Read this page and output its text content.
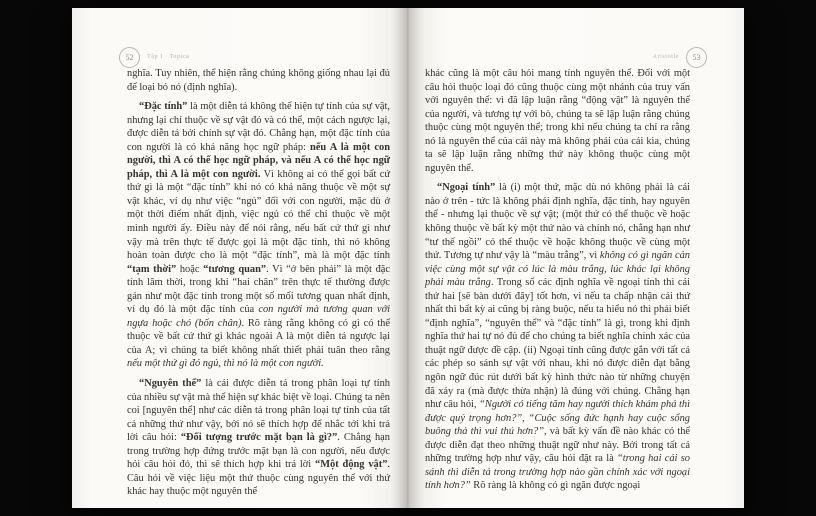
52 Tập I · Topica

nghĩa. Tuy nhiên, thể hiện rằng chúng không giống nhau lại đủ để loại bỏ nó (định nghĩa).

“Đặc tính” là một diễn tả không thể hiện tự tính của sự vật, nhưng lại chỉ thuộc về sự vật đó và có thể, một cách ngược lại, được diễn tả bởi chính sự vật đó. Chẳng hạn, một đặc tính của con người là có khả năng học ngữ pháp: nếu A là một con người, thì A có thể học ngữ pháp, và nếu A có thể học ngữ pháp, thì A là một con người. Vì không ai có thể gọi bất cứ thứ gì là một “đặc tính” khi nó có khả năng thuộc về một sự vật khác, ví dụ như việc “ngủ” đối với con người, mặc dù ở một thời điểm nhất định, việc ngủ có thể chỉ thuộc về một mình người ấy. Điều này để nói rằng, nếu bất cứ thứ gì như vậy mà trên thực tế được gọi là một đặc tính, thì nó không hoàn toàn được cho là một “đặc tính”, mà là một đặc tính “tạm thời” hoặc “tương quan”. Vì “ở bên phải” là một đặc tính lâm thời, trong khi “hai chân” trên thực tế thường được gán như một đặc tính trong một số mối tương quan nhất định, ví dụ đó là một đặc tính của con người mà tương quan với ngựa hoặc chó (bốn chân). Rõ ràng rằng không có gì có thể thuộc về bất cứ thứ gì khác ngoài A là một diễn tả ngược lại của A; vì chúng ta biết không nhất thiết phải tuân theo rằng nếu một thứ gì đó ngủ, thì nó là một con người.

“Nguyên thể” là cái được diễn tả trong phân loại tự tính của nhiều sự vật mà thể hiện sự khác biệt về loại. Chúng ta nên coi [nguyên thể] như các diễn tả trong phân loại tự tính của tất cả những thứ như vậy, bởi nó sẽ thích hợp để nhắc tới khi trả lời câu hỏi: “Đối tượng trước mặt bạn là gì?”. Chẳng hạn trong trường hợp đứng trước mặt bạn là con người, nếu được hỏi câu hỏi đó, thì sẽ thích hợp khi trả lời “Một động vật”. Câu hỏi về việc liệu một thứ thuộc cùng nguyên thể với thứ khác hay thuộc một nguyên thể

Aristotle 53

khác cũng là một câu hỏi mang tính nguyên thể. Đối với một câu hỏi thuộc loại đó cũng thuộc cùng một nhánh của truy vấn với nguyên thể: vì đã lập luận rằng “động vật” là nguyên thể của người, và tương tự với bò, chúng ta sẽ lập luận rằng chúng thuộc cùng một nguyên thể; trong khi nếu chúng ta chỉ ra rằng nó là nguyên thể của cái này mà không phải của cái kia, chúng ta sẽ lập luận rằng những thứ này không thuộc cùng một nguyên thể.

“Ngoại tính” là (i) một thứ, mặc dù nó không phải là cái nào ở trên - tức là không phải định nghĩa, đặc tính, hay nguyên thể - nhưng lại thuộc về sự vật; (một thứ có thể thuộc về hoặc không thuộc về bất kỳ một thứ nào và chính nó, chẳng hạn như “tư thế ngồi” có thể thuộc về hoặc không thuộc về cùng một thứ. Tương tự như vậy là “màu trắng”, vì không có gì ngăn cản việc cùng một sự vật có lúc là màu trắng, lúc khác lại không phải màu trắng. Trong số các định nghĩa về ngoại tính thì cái thứ hai [sẽ bàn dưới đây] tốt hơn, vì nếu ta chấp nhận cái thứ nhất thì bất kỳ ai cũng bị ràng buộc, nếu ta hiểu nó thì phải biết “định nghĩa”, “nguyên thể” và “đặc tính” là gì, trong khi định nghĩa thứ hai tự nó đủ để cho chúng ta biết nghĩa chính xác của thuật ngữ được đề cập. (ii) Ngoại tính cũng được gắn với tất cả các phép so sánh sự vật với nhau, khi nó được diễn đạt bằng ngôn ngữ đúc rút dưới bất kỳ hình thức nào từ những chuyện đã xảy ra (mà được thừa nhận) là đúng với chúng. Chẳng hạn như câu hỏi, “Người có tiếng tăm hay người thích khám phá thì được quý trọng hơn?”, “Cuộc sống đức hạnh hay cuộc sống buông thả thì vui thú hơn?”, và bất kỳ vấn đề nào khác có thể được diễn đạt theo những thuật ngữ như này. Bởi trong tất cả những trường hợp như vậy, câu hỏi đặt ra là “trong hai cái so sánh thì diễn tả trong trường hợp nào gần chính xác với ngoại tính hơn?” Rõ ràng là không có gì ngăn được ngoại
